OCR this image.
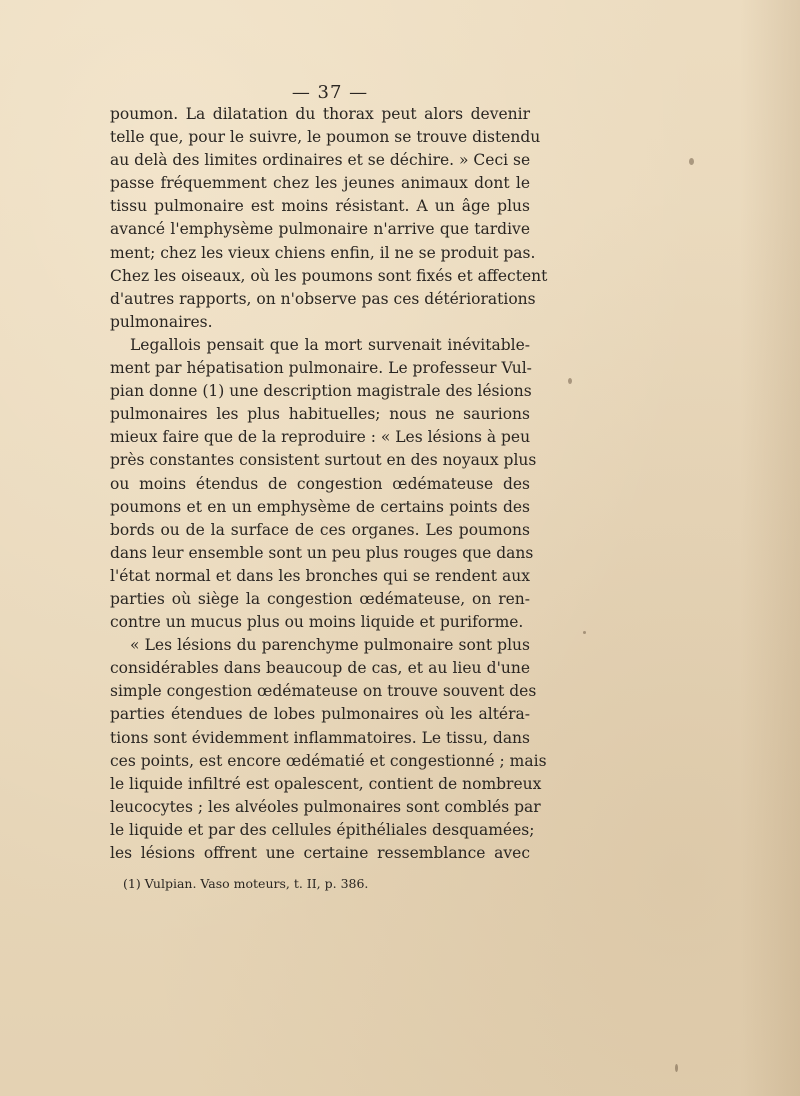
— 37 —
poumon. La dilatation du thorax peut alors devenir
telle que, pour le suivre, le poumon se trouve distendu
au delà des limites ordinaires et se déchire. » Ceci se
passe fréquemment chez les jeunes animaux dont le
tissu pulmonaire est moins résistant. A un âge plus
avancé l'emphysème pulmonaire n'arrive que tardive
ment; chez les vieux chiens enfin, il ne se produit pas.
Chez les oiseaux, où les poumons sont fixés et affectent
d'autres rapports, on n'observe pas ces détériorations
pulmonaires.
Legallois pensait que la mort survenait inévitable-
ment par hépatisation pulmonaire. Le professeur Vul-
pian donne (1) une description magistrale des lésions
pulmonaires les plus habituelles; nous ne saurions
mieux faire que de la reproduire : « Les lésions à peu
près constantes consistent surtout en des noyaux plus
ou moins étendus de congestion œdémateuse des
poumons et en un emphysème de certains points des
bords ou de la surface de ces organes. Les poumons
dans leur ensemble sont un peu plus rouges que dans
l'état normal et dans les bronches qui se rendent aux
parties où siège la congestion œdémateuse, on ren-
contre un mucus plus ou moins liquide et puriforme.
« Les lésions du parenchyme pulmonaire sont plus
considérables dans beaucoup de cas, et au lieu d'une
simple congestion œdémateuse on trouve souvent des
parties étendues de lobes pulmonaires où les altéra-
tions sont évidemment inflammatoires. Le tissu, dans
ces points, est encore œdématié et congestionné ; mais
le liquide infiltré est opalescent, contient de nombreux
leucocytes ; les alvéoles pulmonaires sont comblés par
le liquide et par des cellules épithéliales desquamées;
les lésions offrent une certaine ressemblance avec
(1) Vulpian. Vaso moteurs, t. II, p. 386.
